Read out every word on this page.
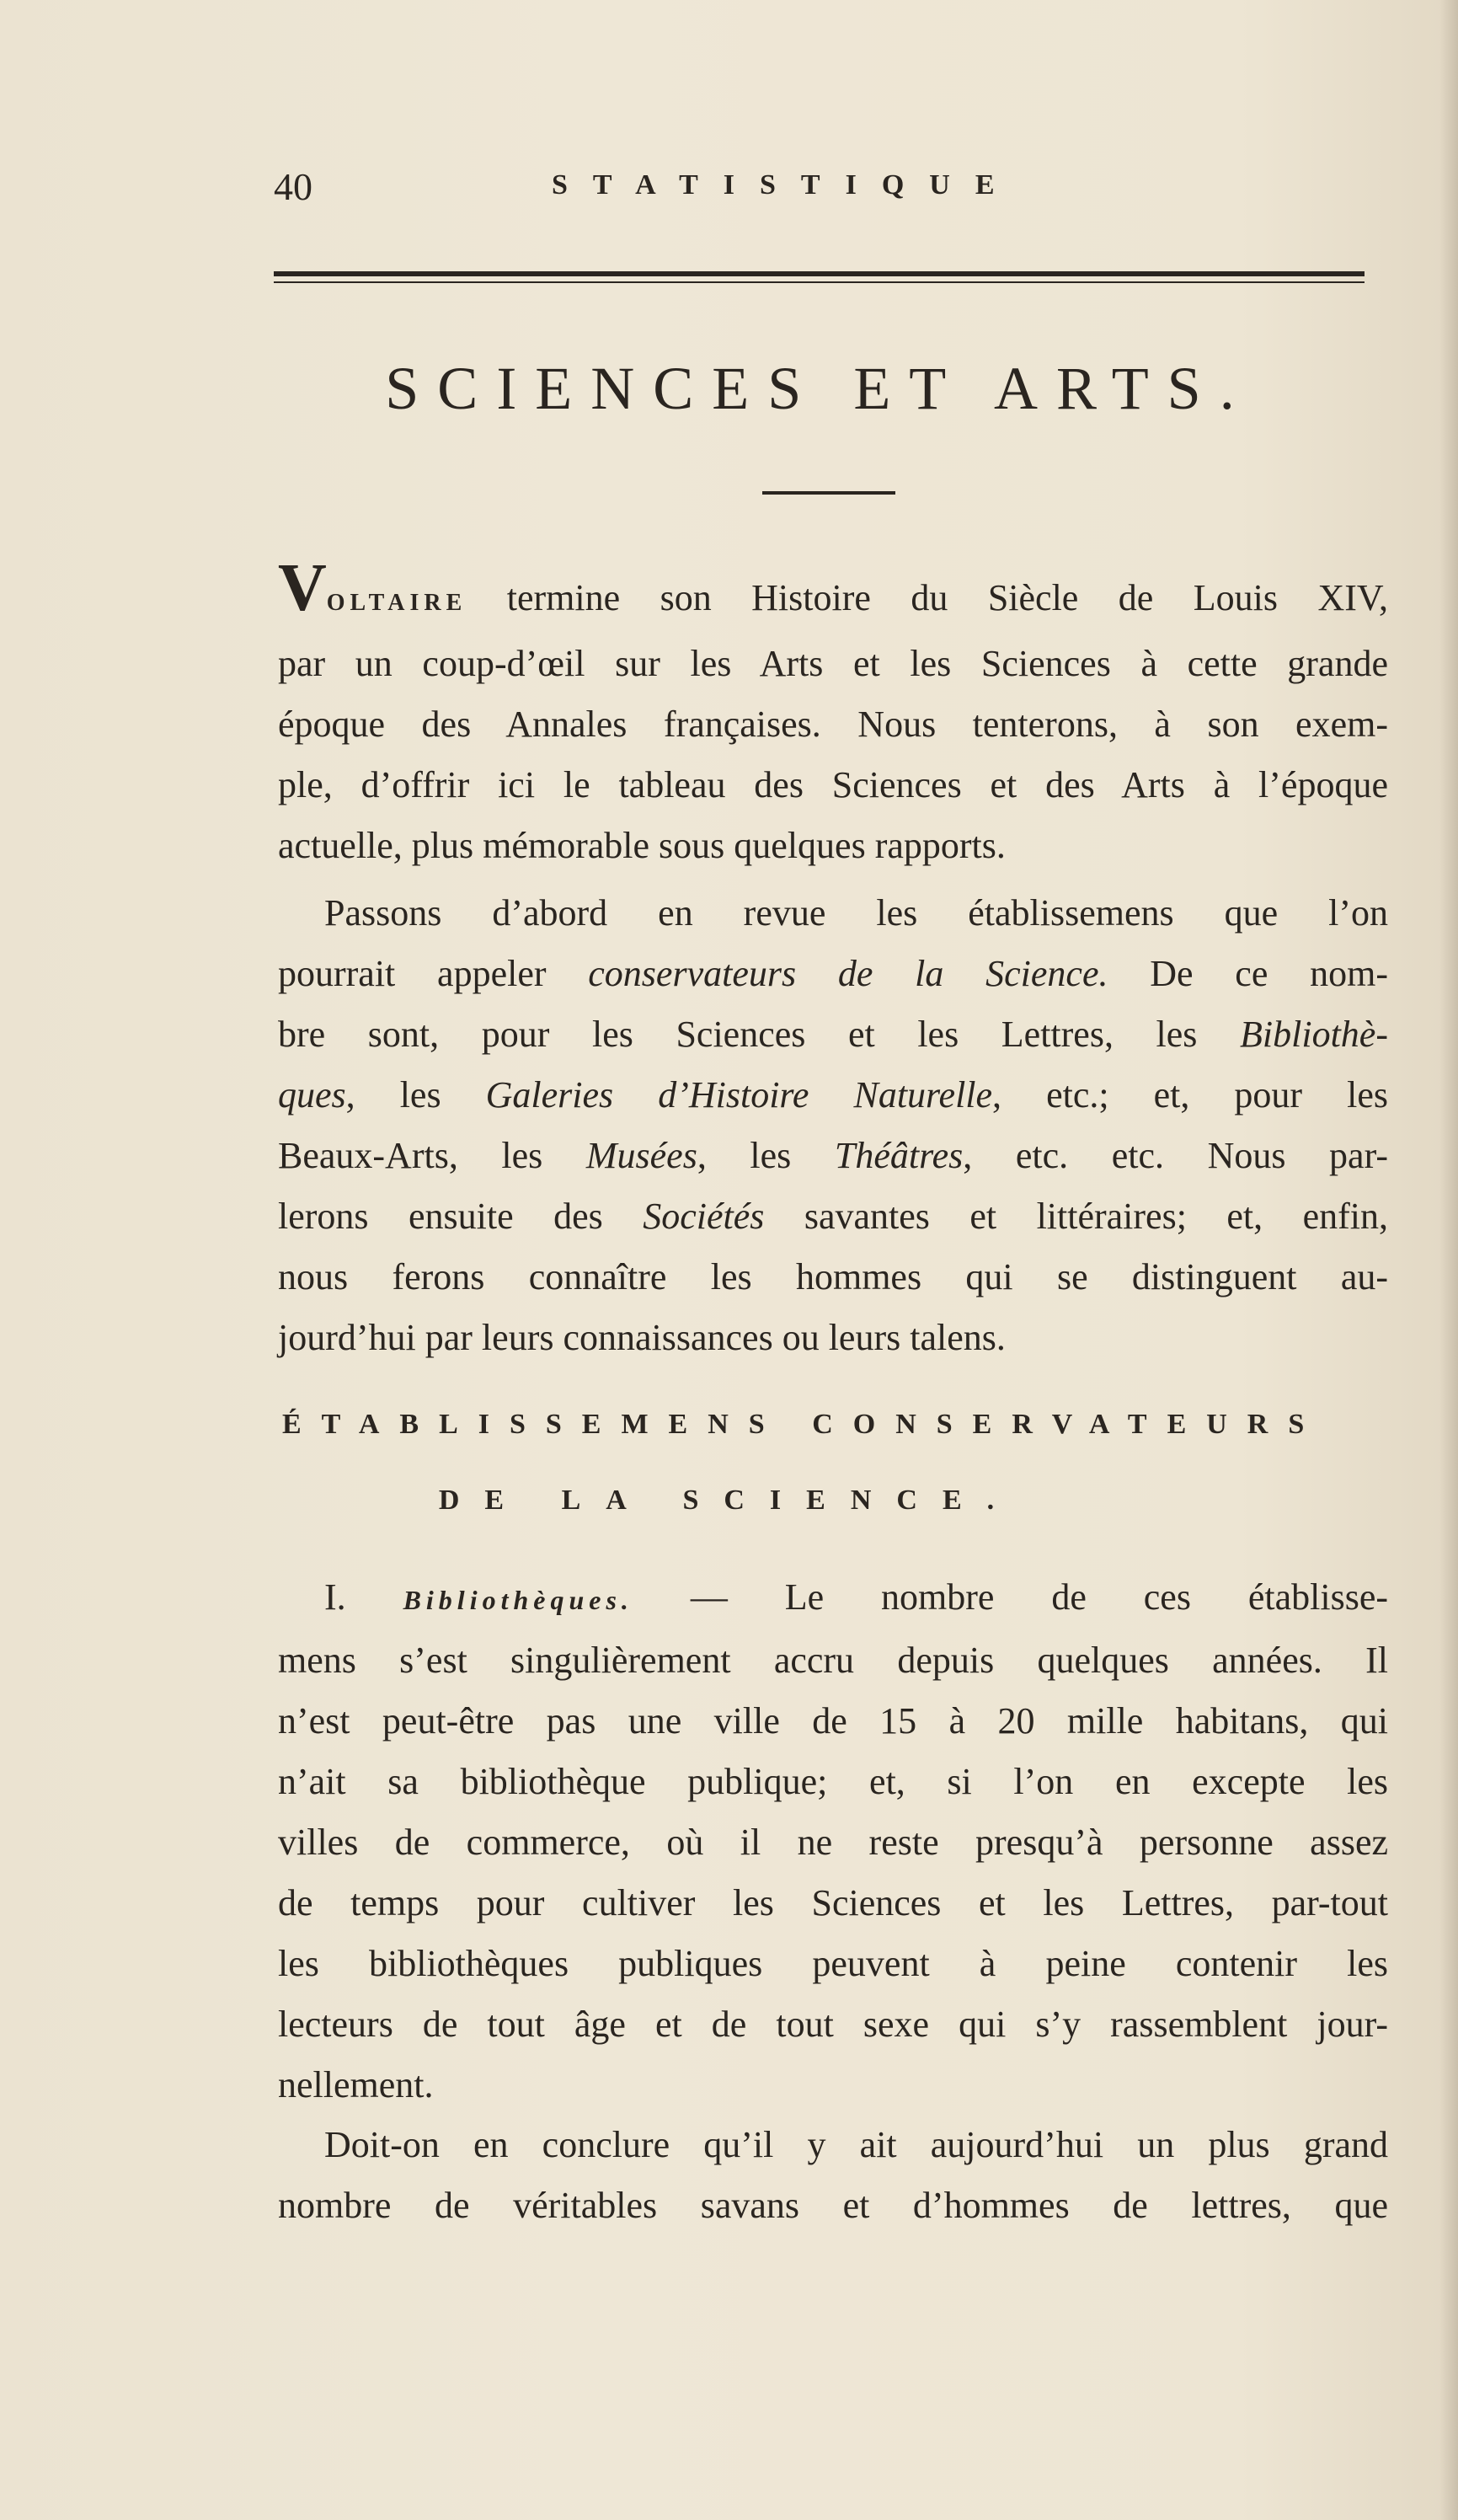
40	STATISTIQUE
SCIENCES ET ARTS.
VOLTAIRE termine son Histoire du Siècle de Louis XIV,
par un coup-d’œil sur les Arts et les Sciences à cette grande
époque des Annales françaises. Nous tenterons, à son exem-
ple, d’offrir ici le tableau des Sciences et des Arts à l’époque
actuelle, plus mémorable sous quelques rapports.
Passons d’abord en revue les établissemens que l’on
pourrait appeler conservateurs de la Science. De ce nom-
bre sont, pour les Sciences et les Lettres, les Bibliothè-
ques, les Galeries d’Histoire Naturelle, etc.; et, pour les
Beaux-Arts, les Musées, les Théâtres, etc. etc. Nous par-
lerons ensuite des Sociétés savantes et littéraires; et, enfin,
nous ferons connaître les hommes qui se distinguent au-
jourd’hui par leurs connaissances ou leurs talens.
ÉTABLISSEMENS CONSERVATEURS
DE LA SCIENCE.
I. Bibliothèques. — Le nombre de ces établisse-
mens s’est singulièrement accru depuis quelques années. Il
n’est peut-être pas une ville de 15 à 20 mille habitans, qui
n’ait sa bibliothèque publique; et, si l’on en excepte les
villes de commerce, où il ne reste presqu’à personne assez
de temps pour cultiver les Sciences et les Lettres, par-tout
les bibliothèques publiques peuvent à peine contenir les
lecteurs de tout âge et de tout sexe qui s’y rassemblent jour-
nellement.
Doit-on en conclure qu’il y ait aujourd’hui un plus grand
nombre de véritables savans et d’hommes de lettres, que
